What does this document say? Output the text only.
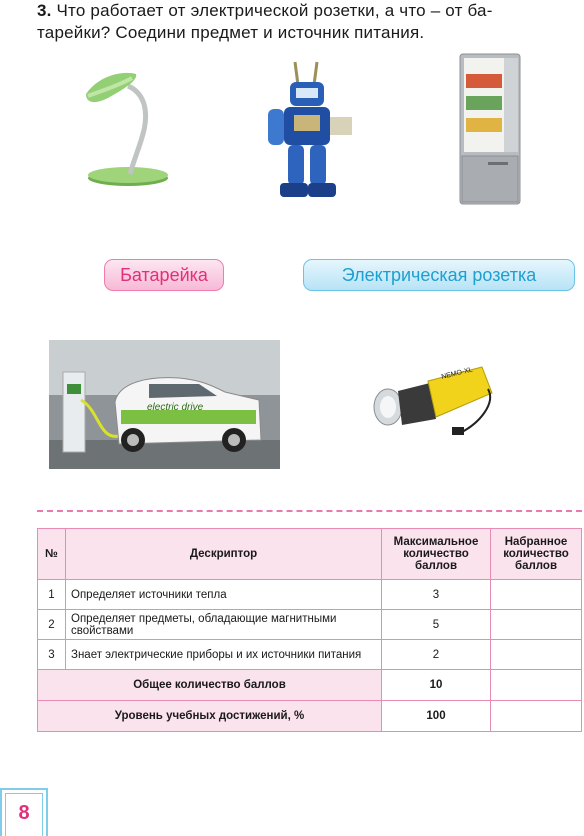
3. Что работает от электрической розетки, а что – от ба-
тарейки? Соедини предмет и источник питания.
Батарейка	Электрическая розетка
electric drive
NEMO-XL
№	Дескриптор	Максимальное количество баллов	Набранное количество баллов
1	Определяет источники тепла	3	
2	Определяет предметы, обладающие магнитными свойствами	5	
3	Знает электрические приборы и их источники питания	2	
Общее количество баллов		10	
Уровень учебных достижений, %		100	
8
